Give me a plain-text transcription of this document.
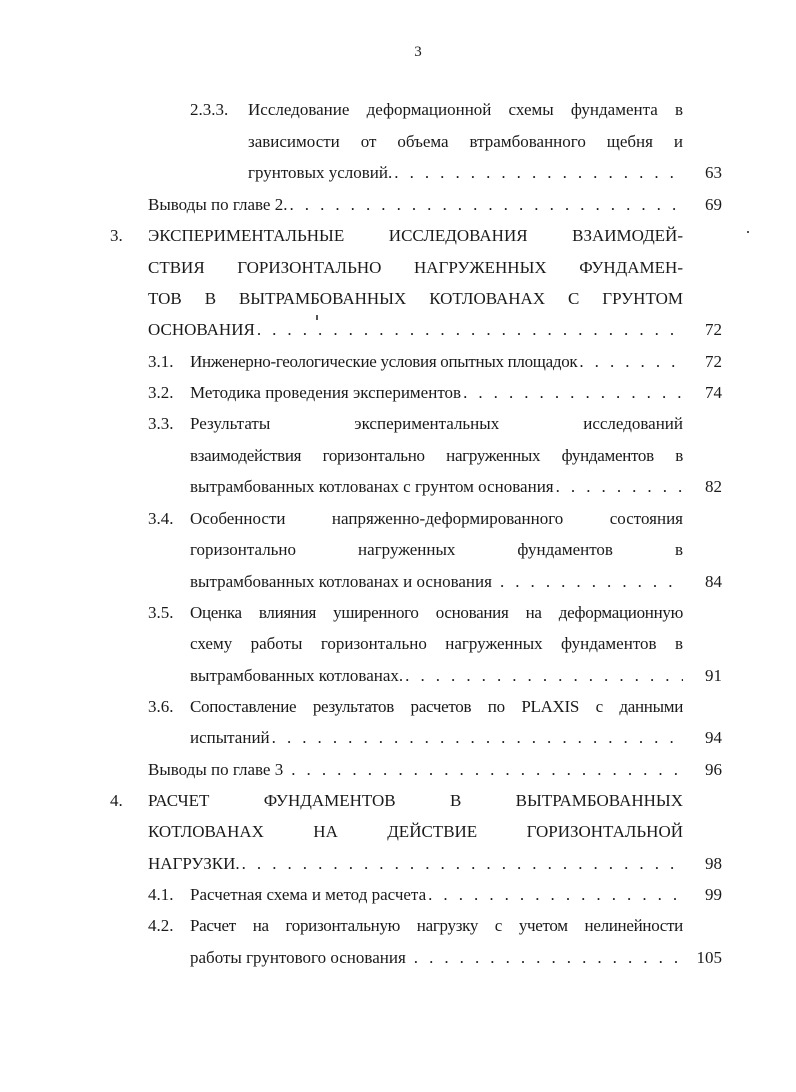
3
2.3.3. Исследование деформационной схемы фундамента в
зависимости от объема втрамбованного щебня и
грунтовых условий. . . .	63
Выводы по главе 2. . . .	69
3. ЭКСПЕРИМЕНТАЛЬНЫЕ ИССЛЕДОВАНИЯ ВЗАИМОДЕЙ-
СТВИЯ ГОРИЗОНТАЛЬНО НАГРУЖЕННЫХ ФУНДАМЕН-
ТОВ В ВЫТРАМБОВАННЫХ КОТЛОВАНАХ С ГРУНТОМ
ОСНОВАНИЯ . . .	72
3.1. Инженерно-геологические условия опытных площадок . . .	72
3.2. Методика проведения экспериментов . . .	74
3.3. Результаты экспериментальных исследований
взаимодействия горизонтально нагруженных фундаментов в
вытрамбованных котлованах с грунтом основания . . .	82
3.4. Особенности напряженно-деформированного состояния
горизонтально нагруженных фундаментов в
вытрамбованных котлованах и основания . . .	84
3.5. Оценка влияния уширенного основания на деформационную
схему работы горизонтально нагруженных фундаментов в
вытрамбованных котлованах. . . .	91
3.6. Сопоставление результатов расчетов по PLAXIS с данными
испытаний . . .	94
Выводы по главе 3 . . .	96
4. РАСЧЕТ ФУНДАМЕНТОВ В ВЫТРАМБОВАННЫХ
КОТЛОВАНАХ НА ДЕЙСТВИЕ ГОРИЗОНТАЛЬНОЙ
НАГРУЗКИ. . . .	98
4.1. Расчетная схема и метод расчета . . .	99
4.2. Расчет на горизонтальную нагрузку с учетом нелинейности
работы грунтового основания . . .	105
